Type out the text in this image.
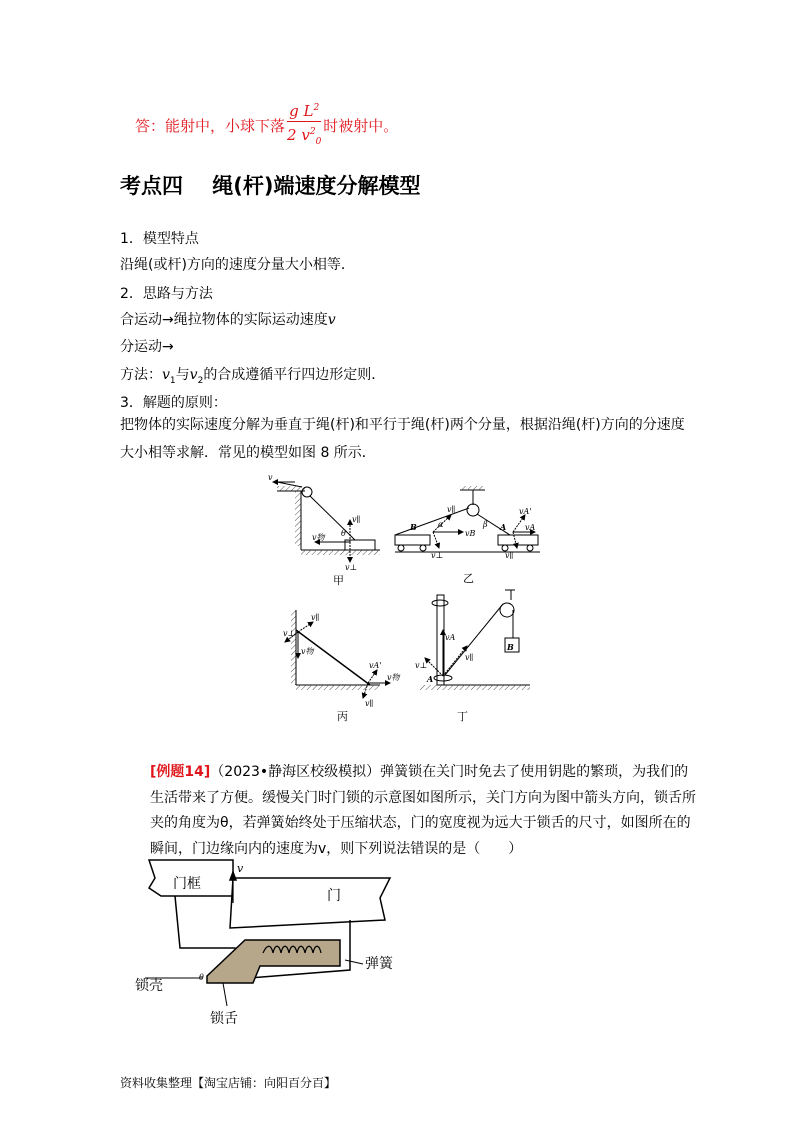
答：能射中，小球下落 $\frac{g L^2}{2 v^2_0}$ 时被射中。
考点四    绳(杆)端速度分解模型
1．模型特点
沿绳(或杆)方向的速度分量大小相等．
2．思路与方法
合运动→绳拉物体的实际运动速度v
分运动→
方法：$v_1$与$v_2$的合成遵循平行四边形定则．
3．解题的原则：
把物体的实际速度分解为垂直于绳(杆)和平行于绳(杆)两个分量，根据沿绳(杆)方向的分速度大小相等求解．常见的模型如图 8 所示．
v
v∥
v物 θ
v⊥
甲
B	A
α	β
v∥
vB
vA
vA'
v⊥	v∥
乙
v⊥
v∥
v物
vA'
v物
v∥
丙
B
A
vA
v⊥
v∥
丁
[例题14]（2023•静海区校级模拟）弹簧锁在关门时免去了使用钥匙的繁琐，为我们的生活带来了方便。缓慢关门时门锁的示意图如图所示，关门方向为图中箭头方向，锁舌所夹的角度为θ，若弹簧始终处于压缩状态，门的宽度视为远大于锁舌的尺寸，如图所在的瞬间，门边缘向内的速度为v，则下列说法错误的是（　　）
v
门框
门
锁壳
θ
弹簧
锁舌
资料收集整理【淘宝店铺：向阳百分百】
